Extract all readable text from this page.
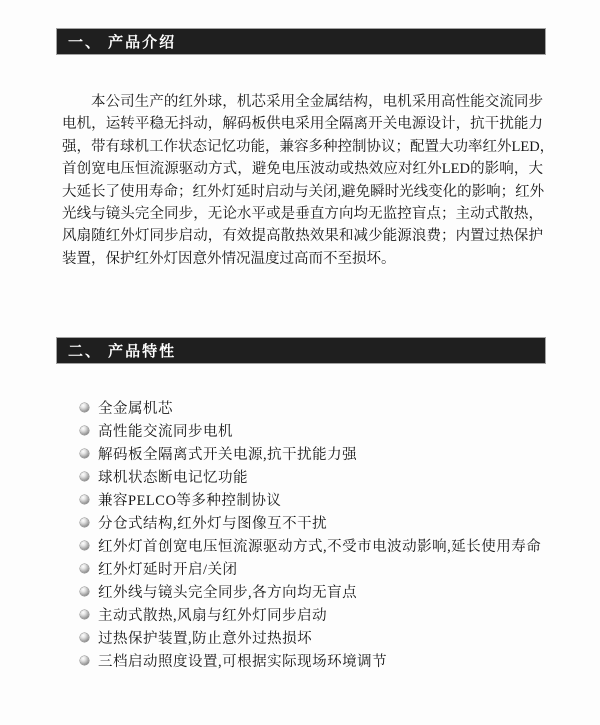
一、 产品介绍
本公司生产的红外球，机芯采用全金属结构，电机采用高性能交流同步
电机，运转平稳无抖动，解码板供电采用全隔离开关电源设计，抗干扰能力
强，带有球机工作状态记忆功能，兼容多种控制协议；配置大功率红外LED，
首创宽电压恒流源驱动方式，避免电压波动或热效应对红外LED的影响，大
大延长了使用寿命；红外灯延时启动与关闭,避免瞬时光线变化的影响；红外
光线与镜头完全同步，无论水平或是垂直方向均无监控盲点；主动式散热，
风扇随红外灯同步启动，有效提高散热效果和减少能源浪费；内置过热保护
装置，保护红外灯因意外情况温度过高而不至损坏。
二、 产品特性
全金属机芯
高性能交流同步电机
解码板全隔离式开关电源,抗干扰能力强
球机状态断电记忆功能
兼容PELCO等多种控制协议
分仓式结构,红外灯与图像互不干扰
红外灯首创宽电压恒流源驱动方式,不受市电波动影响,延长使用寿命
红外灯延时开启/关闭
红外线与镜头完全同步,各方向均无盲点
主动式散热,风扇与红外灯同步启动
过热保护装置,防止意外过热损坏
三档启动照度设置,可根据实际现场环境调节
